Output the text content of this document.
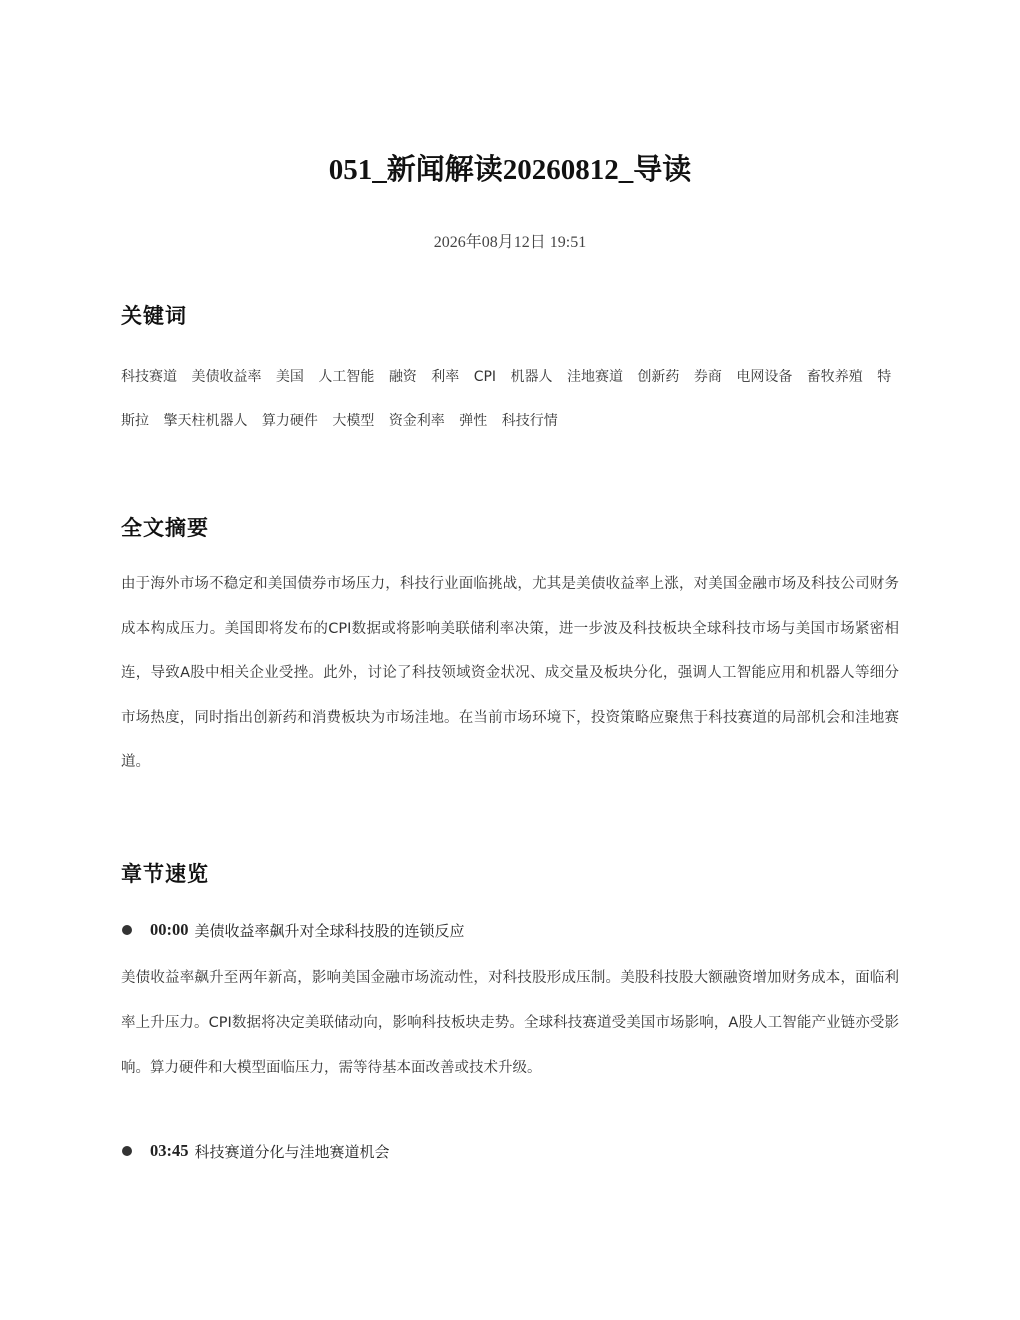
051_新闻解读20260812_导读
2026年08月12日 19:51
关键词
科技赛道 美债收益率 美国 人工智能 融资 利率 CPI 机器人 洼地赛道 创新药 券商 电网设备 畜牧养殖 特斯拉 擎天柱机器人 算力硬件 大模型 资金利率 弹性 科技行情
全文摘要

由于海外市场不稳定和美国债券市场压力，科技行业面临挑战，尤其是美债收益率上涨，对美国金融市场及科技公司财务成本构成压力。美国即将发布的CPI数据或将影响美联储利率决策，进一步波及科技板块全球科技市场与美国市场紧密相连，导致A股中相关企业受挫。此外，讨论了科技领域资金状况、成交量及板块分化，强调人工智能应用和机器人等细分市场热度，同时指出创新药和消费板块为市场洼地。在当前市场环境下，投资策略应聚焦于科技赛道的局部机会和洼地赛道。

章节速览
00:00 美债收益率飙升对全球科技股的连锁反应

美债收益率飙升至两年新高，影响美国金融市场流动性，对科技股形成压制。美股科技股大额融资增加财务成本，面临利率上升压力。CPI数据将决定美联储动向，影响科技板块走势。全球科技赛道受美国市场影响，A股人工智能产业链亦受影响。算力硬件和大模型面临压力，需等待基本面改善或技术升级。

03:45 科技赛道分化与洼地赛道机会
